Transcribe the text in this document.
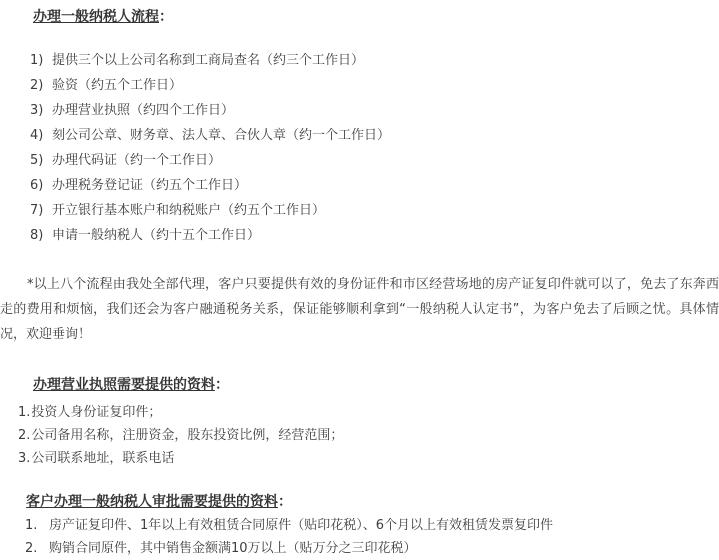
办理一般纳税人流程：
1) 提供三个以上公司名称到工商局查名（约三个工作日）
2) 验资（约五个工作日）
3) 办理营业执照（约四个工作日）
4) 刻公司公章、财务章、法人章、合伙人章（约一个工作日）
5) 办理代码证（约一个工作日）
6) 办理税务登记证（约五个工作日）
7) 开立银行基本账户和纳税账户（约五个工作日）
8) 申请一般纳税人（约十五个工作日）

*以上八个流程由我处全部代理，客户只要提供有效的身份证件和市区经营场地的房产证复印件就可以了，免去了东奔西走的费用和烦恼，我们还会为客户融通税务关系，保证能够顺利拿到“一般纳税人认定书”，为客户免去了后顾之忧。具体情况，欢迎垂询！

办理营业执照需要提供的资料：
1.投资人身份证复印件；
2.公司备用名称，注册资金，股东投资比例，经营范围；
3.公司联系地址，联系电话
客户办理一般纳税人审批需要提供的资料：
1. 房产证复印件、1年以上有效租赁合同原件（贴印花税）、6个月以上有效租赁发票复印件
2. 购销合同原件，其中销售金额满10万以上（贴万分之三印花税）
